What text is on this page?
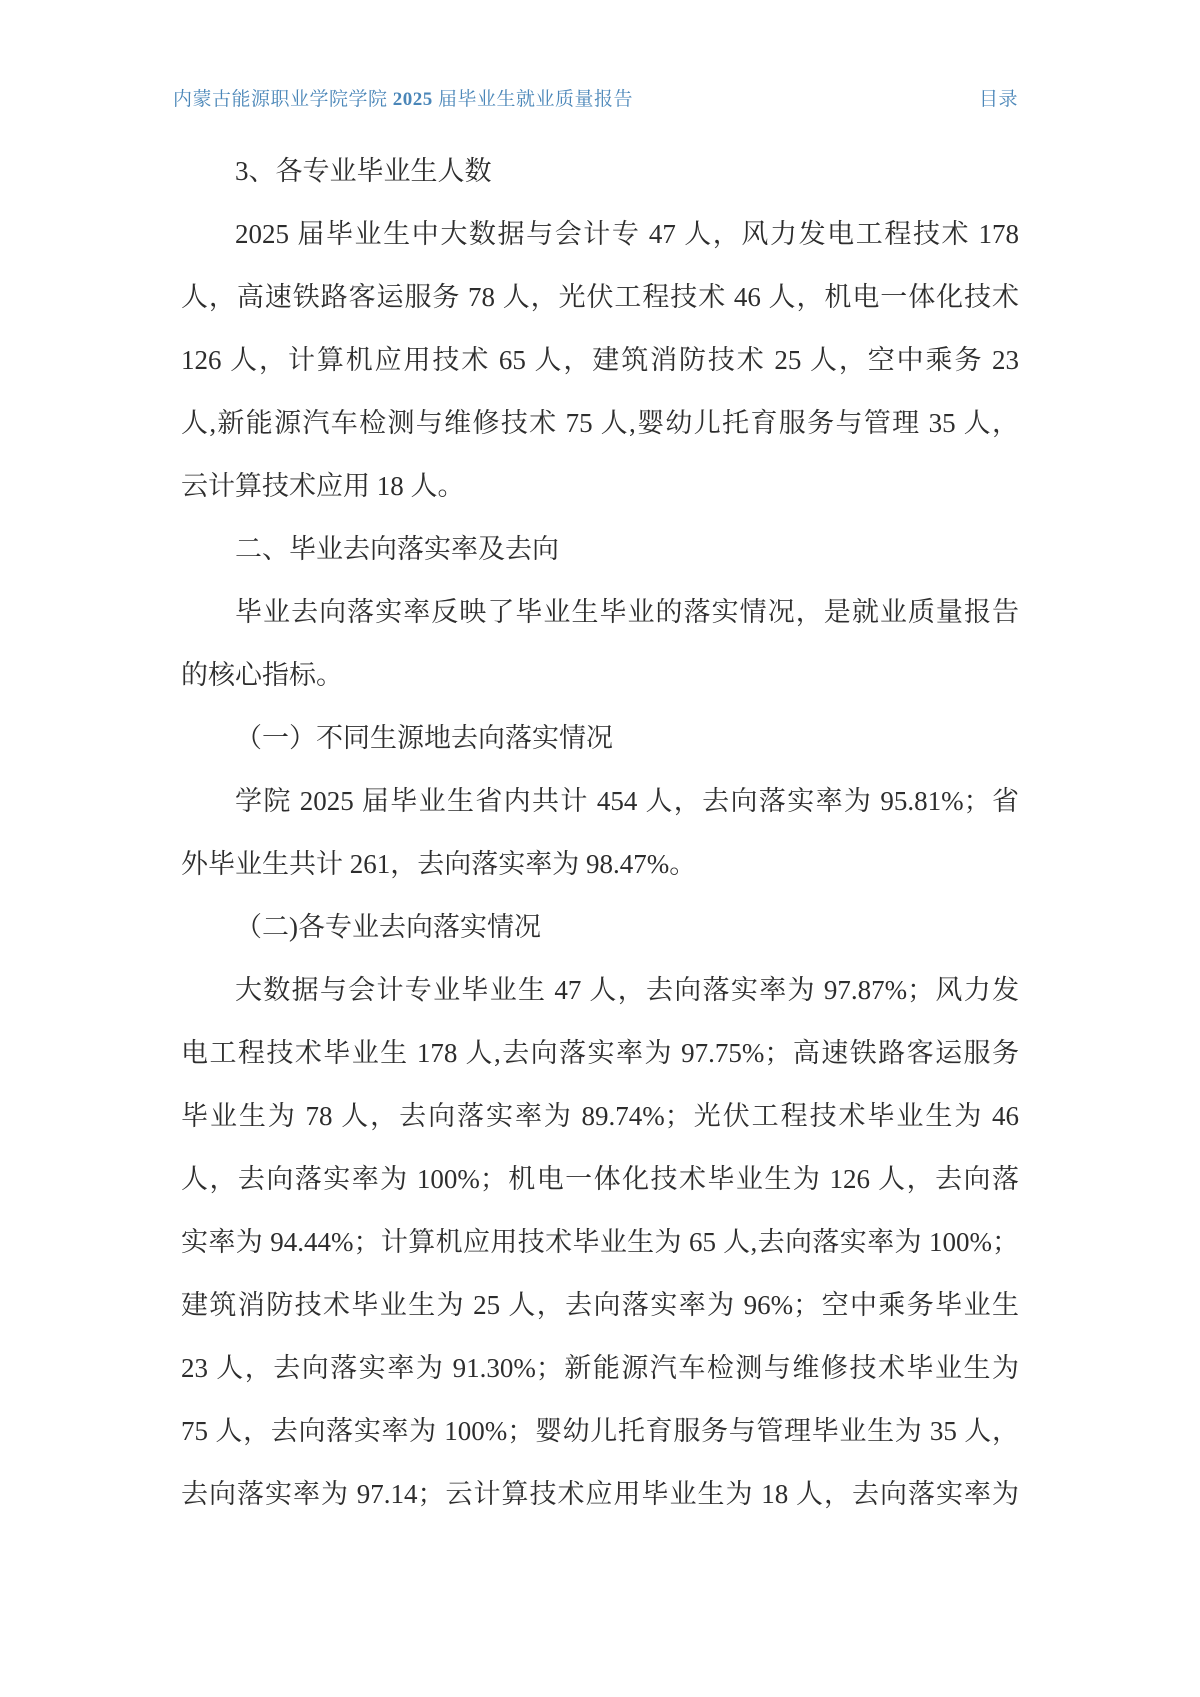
内蒙古能源职业学院学院 2025 届毕业生就业质量报告	目录
3、各专业毕业生人数
2025 届毕业生中大数据与会计专 47 人，风力发电工程技术 178
人，高速铁路客运服务 78 人，光伏工程技术 46 人，机电一体化技术
126 人，计算机应用技术 65 人，建筑消防技术 25 人，空中乘务 23
人,新能源汽车检测与维修技术 75 人,婴幼儿托育服务与管理 35 人，
云计算技术应用 18 人。
二、毕业去向落实率及去向
毕业去向落实率反映了毕业生毕业的落实情况，是就业质量报告
的核心指标。
（一）不同生源地去向落实情况
学院 2025 届毕业生省内共计 454 人，去向落实率为 95.81%；省
外毕业生共计 261，去向落实率为 98.47%。
（二)各专业去向落实情况
大数据与会计专业毕业生 47 人，去向落实率为 97.87%；风力发
电工程技术毕业生 178 人,去向落实率为 97.75%；高速铁路客运服务
毕业生为 78 人，去向落实率为 89.74%；光伏工程技术毕业生为 46
人，去向落实率为 100%；机电一体化技术毕业生为 126 人，去向落
实率为 94.44%；计算机应用技术毕业生为 65 人,去向落实率为 100%；
建筑消防技术毕业生为 25 人，去向落实率为 96%；空中乘务毕业生
23 人，去向落实率为 91.30%；新能源汽车检测与维修技术毕业生为
75 人，去向落实率为 100%；婴幼儿托育服务与管理毕业生为 35 人，
去向落实率为 97.14；云计算技术应用毕业生为 18 人，去向落实率为
